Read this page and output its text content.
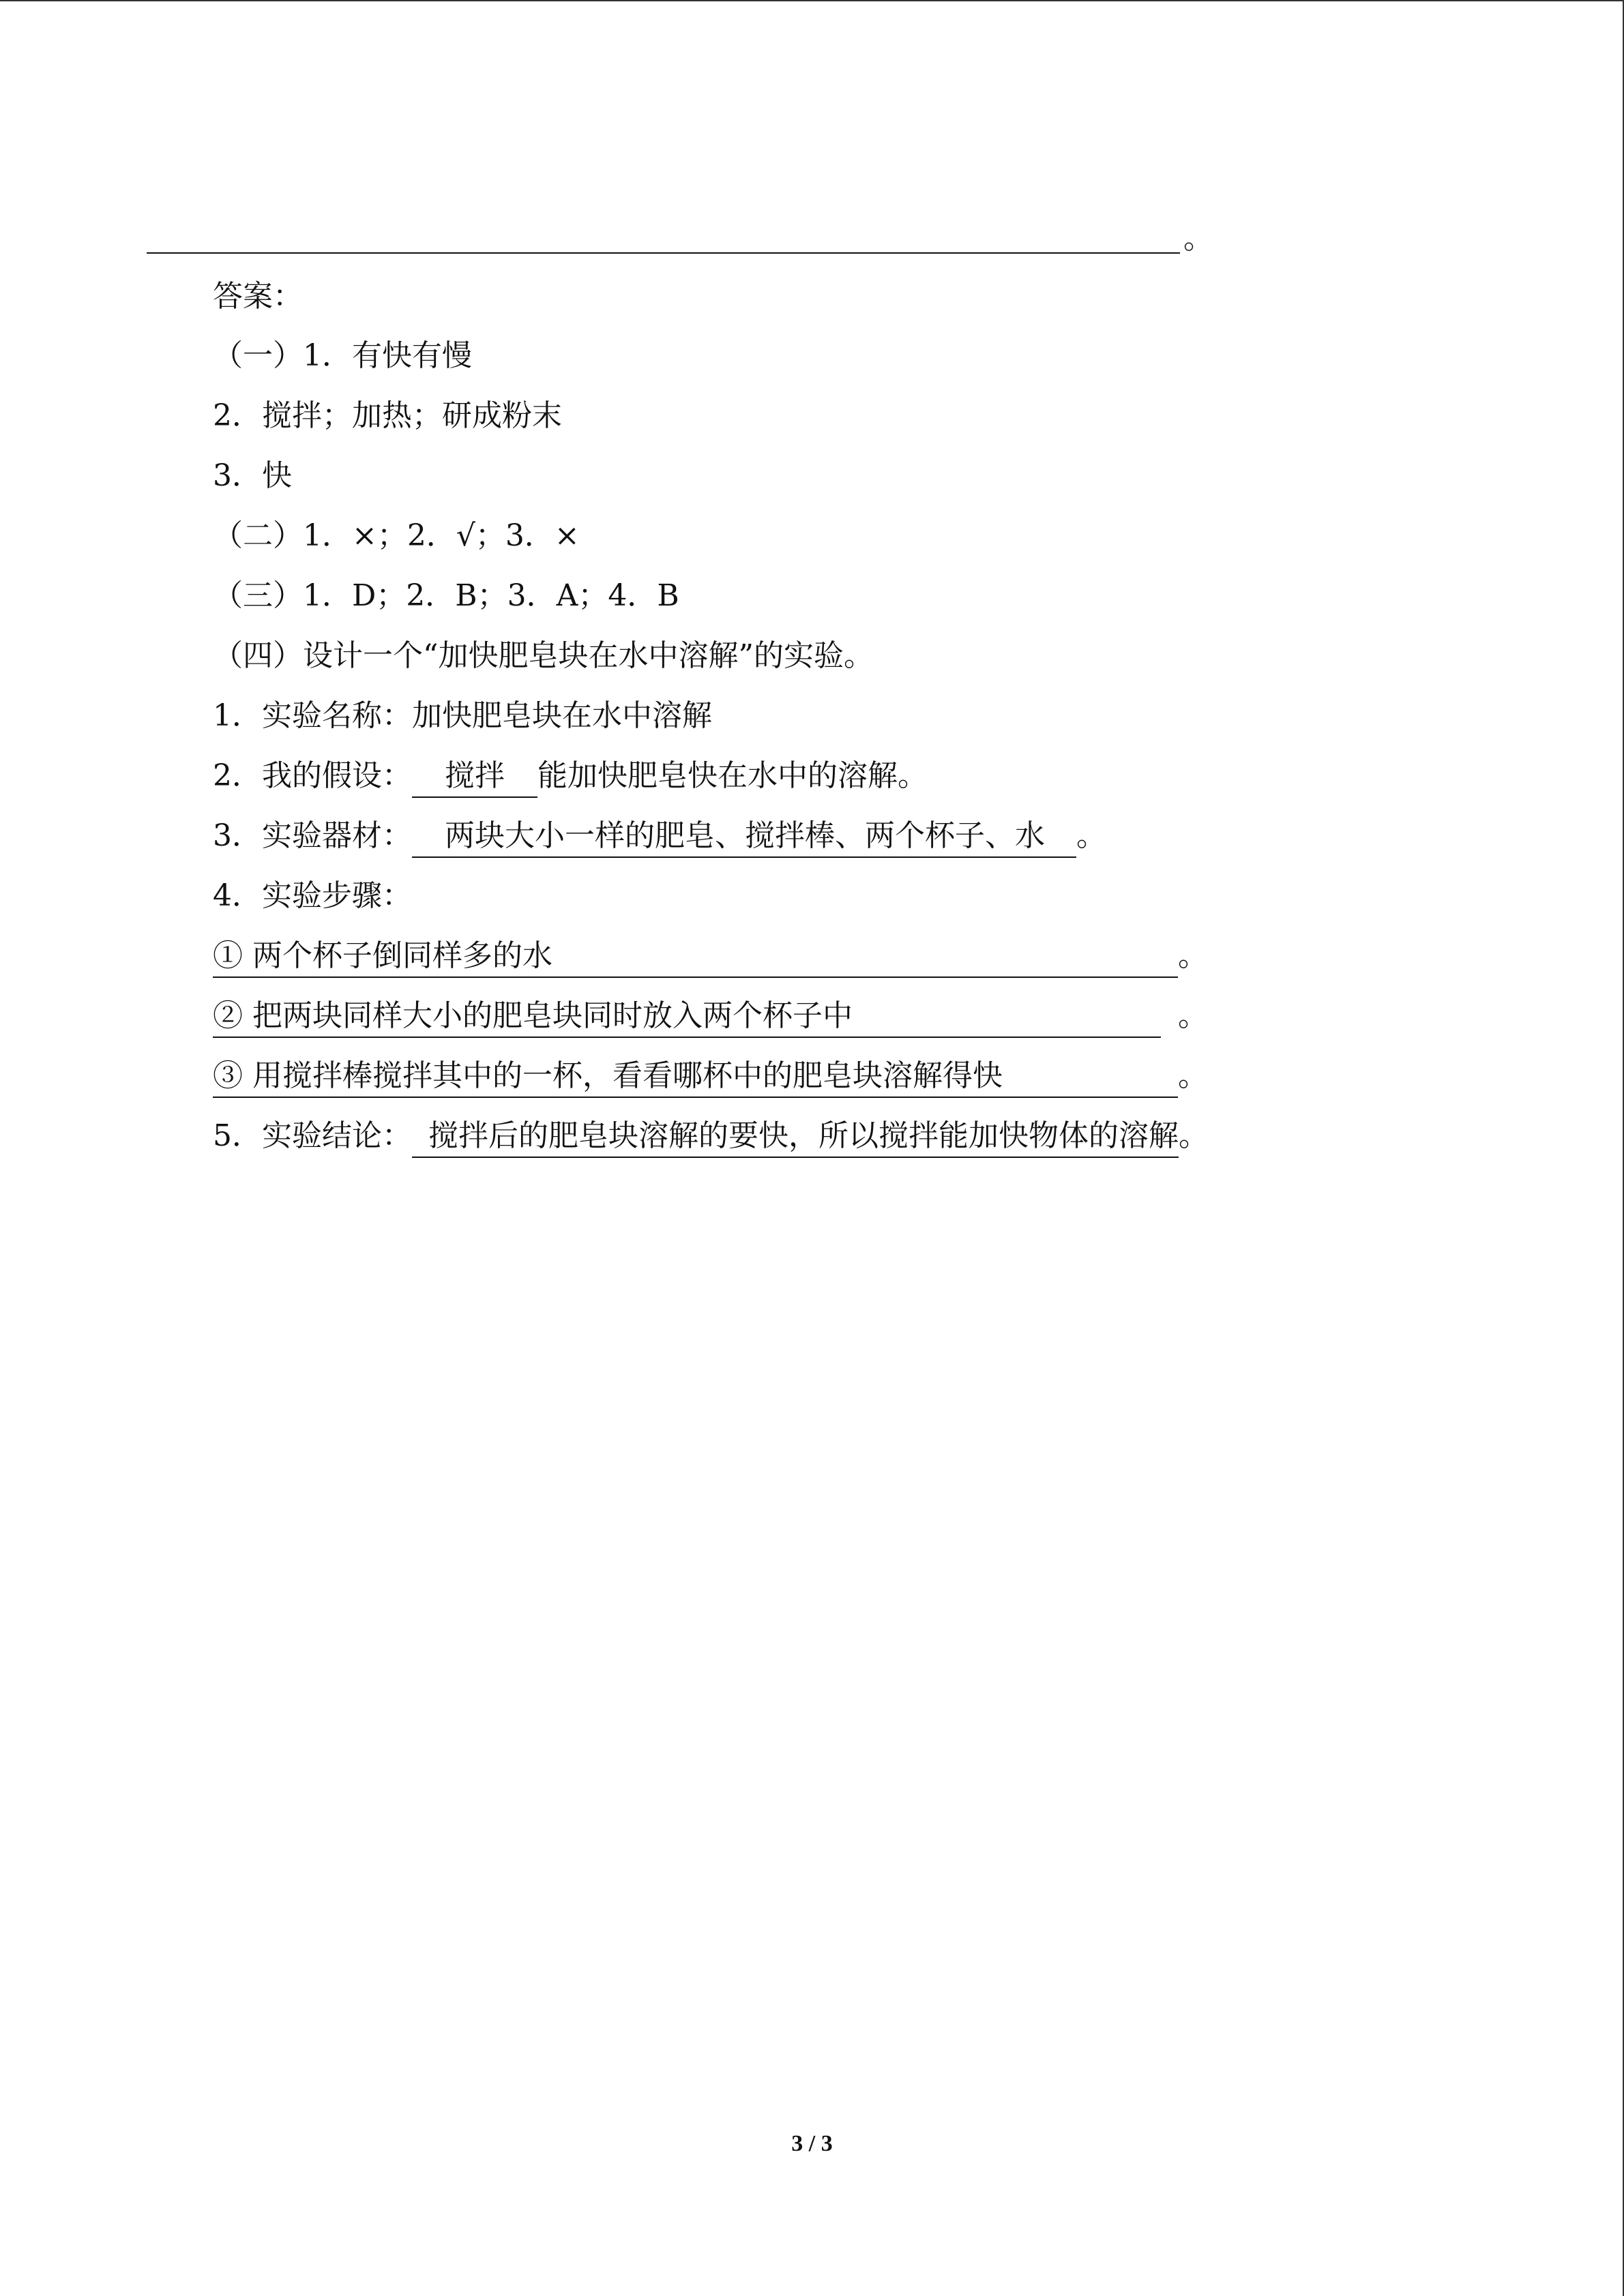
。
答案：
（一）1．有快有慢
2．搅拌；加热；研成粉末
3．快
（二）1．×；2．√；3．×
（三）1．D；2．B；3．A；4．B
（四）设计一个“加快肥皂块在水中溶解”的实验。
1．实验名称：加快肥皂块在水中溶解
2．我的假设： 搅拌 能加快肥皂快在水中的溶解。
3．实验器材： 两块大小一样的肥皂、搅拌棒、两个杯子、水 。
4．实验步骤：
① 两个杯子倒同样多的水	。
② 把两块同样大小的肥皂块同时放入两个杯子中	。
③ 用搅拌棒搅拌其中的一杯，看看哪杯中的肥皂块溶解得快	。
5．实验结论： 搅拌后的肥皂块溶解的要快，所以搅拌能加快物体的溶解。
3 / 3
